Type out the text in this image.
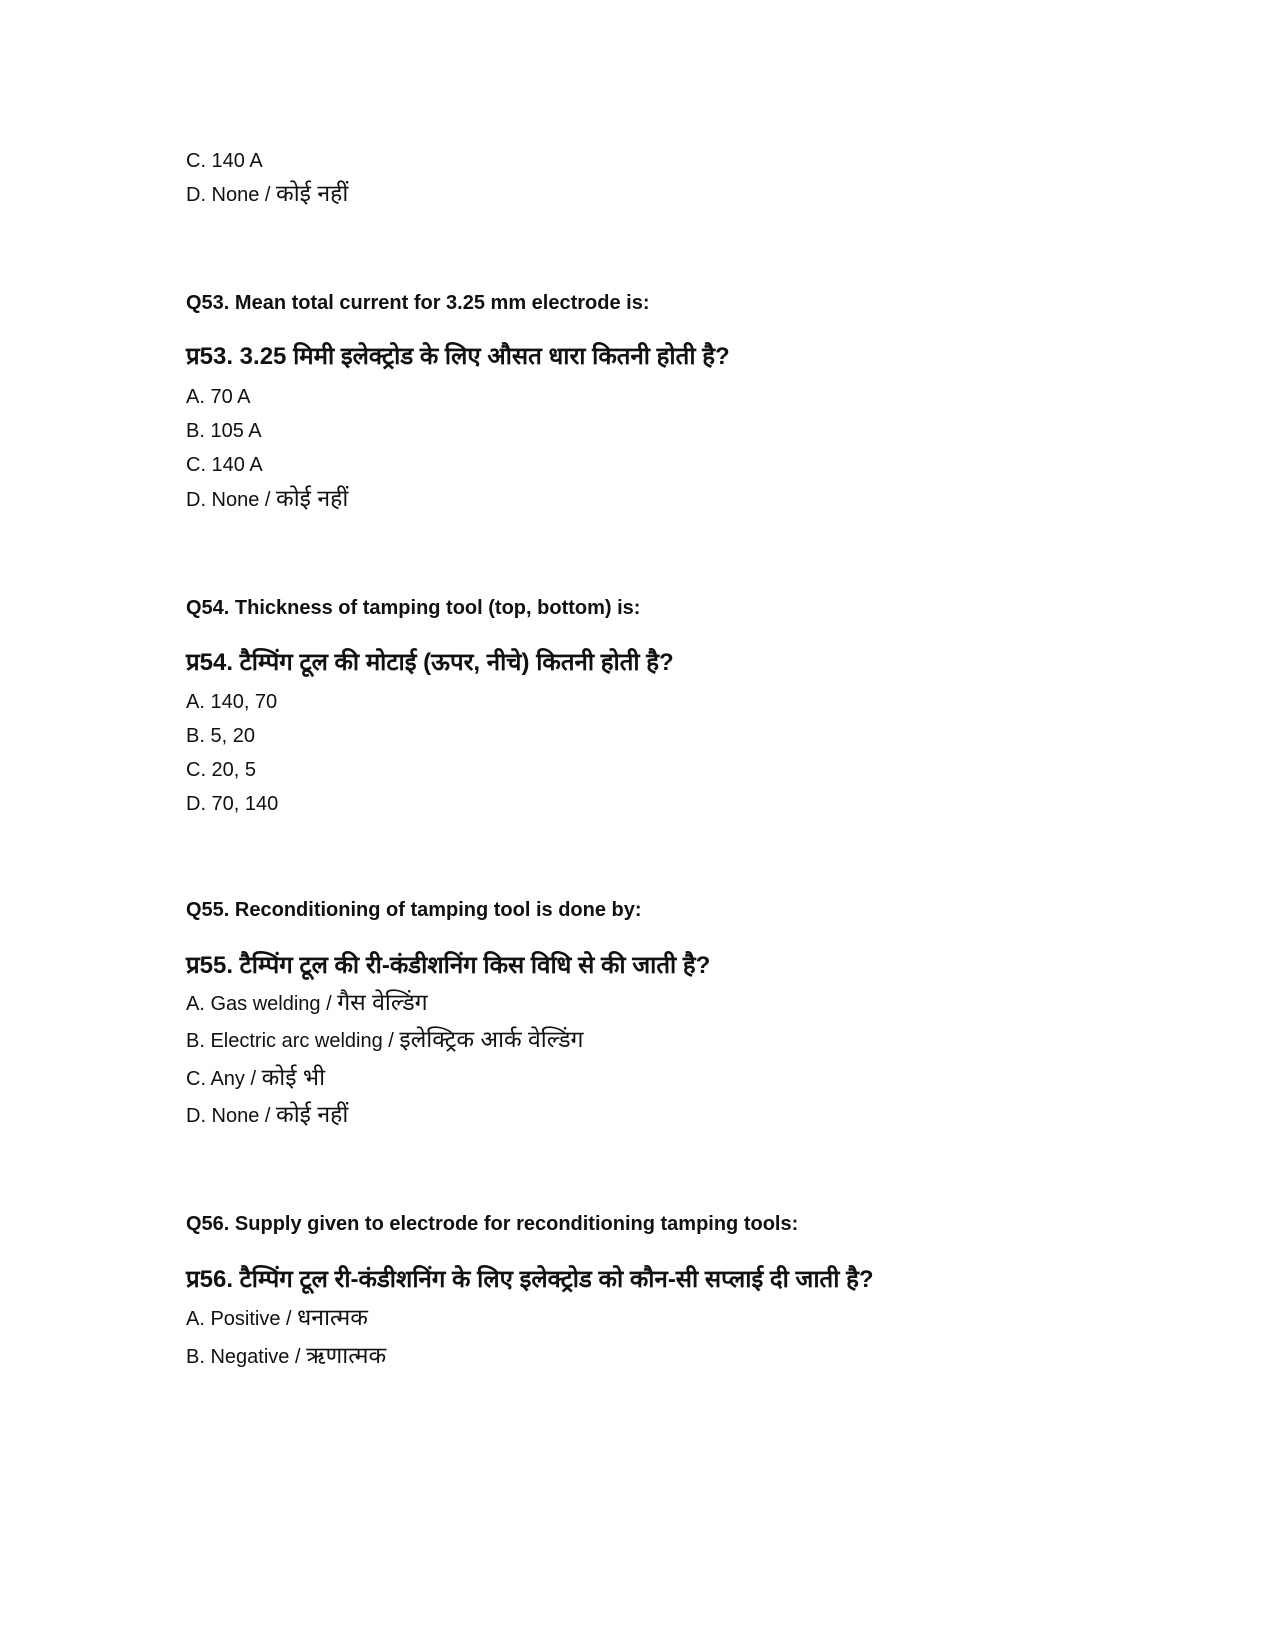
C. 140 A
D. None / कोई नहीं
Q53. Mean total current for 3.25 mm electrode is:
प्र53. 3.25 मिमी इलेक्ट्रोड के लिए औसत धारा कितनी होती है?
A. 70 A
B. 105 A
C. 140 A
D. None / कोई नहीं
Q54. Thickness of tamping tool (top, bottom) is:
प्र54. टैम्पिंग टूल की मोटाई (ऊपर, नीचे) कितनी होती है?
A. 140, 70
B. 5, 20
C. 20, 5
D. 70, 140
Q55. Reconditioning of tamping tool is done by:
प्र55. टैम्पिंग टूल की री-कंडीशनिंग किस विधि से की जाती है?
A. Gas welding / गैस वेल्डिंग
B. Electric arc welding / इलेक्ट्रिक आर्क वेल्डिंग
C. Any / कोई भी
D. None / कोई नहीं
Q56. Supply given to electrode for reconditioning tamping tools:
प्र56. टैम्पिंग टूल री-कंडीशनिंग के लिए इलेक्ट्रोड को कौन-सी सप्लाई दी जाती है?
A. Positive / धनात्मक
B. Negative / ऋणात्मक
